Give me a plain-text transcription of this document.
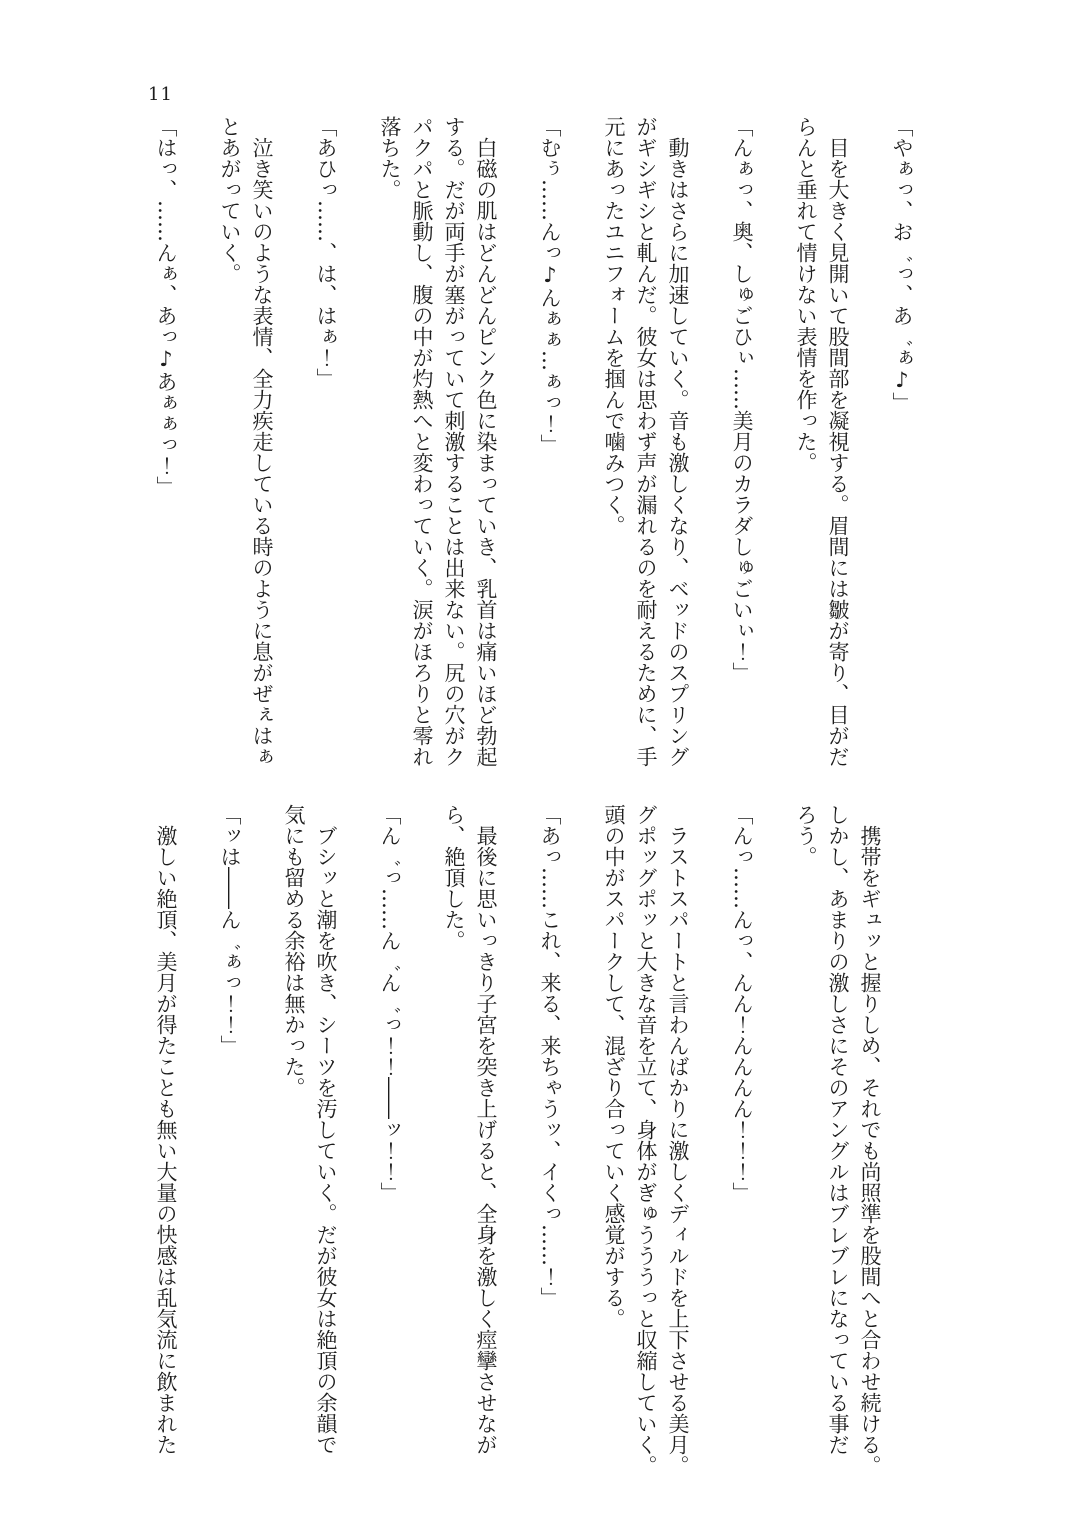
11
「やぁっ、お゛っ、あ゛ぁ♪」
　目を大きく見開いて股間部を凝視する。眉間には皺が寄り、目がだ
らんと垂れて情けない表情を作った。
「んぁっ、奥、しゅごひぃ……美月のカラダしゅごいぃ！」
　動きはさらに加速していく。音も激しくなり、ベッドのスプリング
がギシギシと軋んだ。彼女は思わず声が漏れるのを耐えるために、手
元にあったユニフォームを掴んで噛みつく。
「むぅ……んっ♪んぁぁ…ぁっ！」
　白磁の肌はどんどんピンク色に染まっていき、乳首は痛いほど勃起
する。だが両手が塞がっていて刺激することは出来ない。尻の穴がク
パクパと脈動し、腹の中が灼熱へと変わっていく。涙がほろりと零れ
落ちた。
「あひっ……、は、はぁ！」
　泣き笑いのような表情、全力疾走している時のように息がぜぇはぁ
とあがっていく。
「はっ、……んぁ、あっ♪あぁぁっ！」
　携帯をギュッと握りしめ、それでも尚照準を股間へと合わせ続ける。
しかし、あまりの激しさにそのアングルはブレブレになっている事だ
ろう。
「んっ……んっ、んん！んんんん！！！」
　ラストスパートと言わんばかりに激しくディルドを上下させる美月。
グポッグポッと大きな音を立て、身体がぎゅうううっと収縮していく。
頭の中がスパークして、混ざり合っていく感覚がする。
「あっ……これ、来る、来ちゃうッ、イくっ……！」
　最後に思いっきり子宮を突き上げると、全身を激しく痙攣させなが
ら、絶頂した。
「ん゛っ……ん゛ん゛っ！！――ッ！！」
　ブシッと潮を吹き、シーツを汚していく。だが彼女は絶頂の余韻で
気にも留める余裕は無かった。
「ッは――ん゛ぁっ！！」
　激しい絶頂、美月が得たことも無い大量の快感は乱気流に飲まれた
